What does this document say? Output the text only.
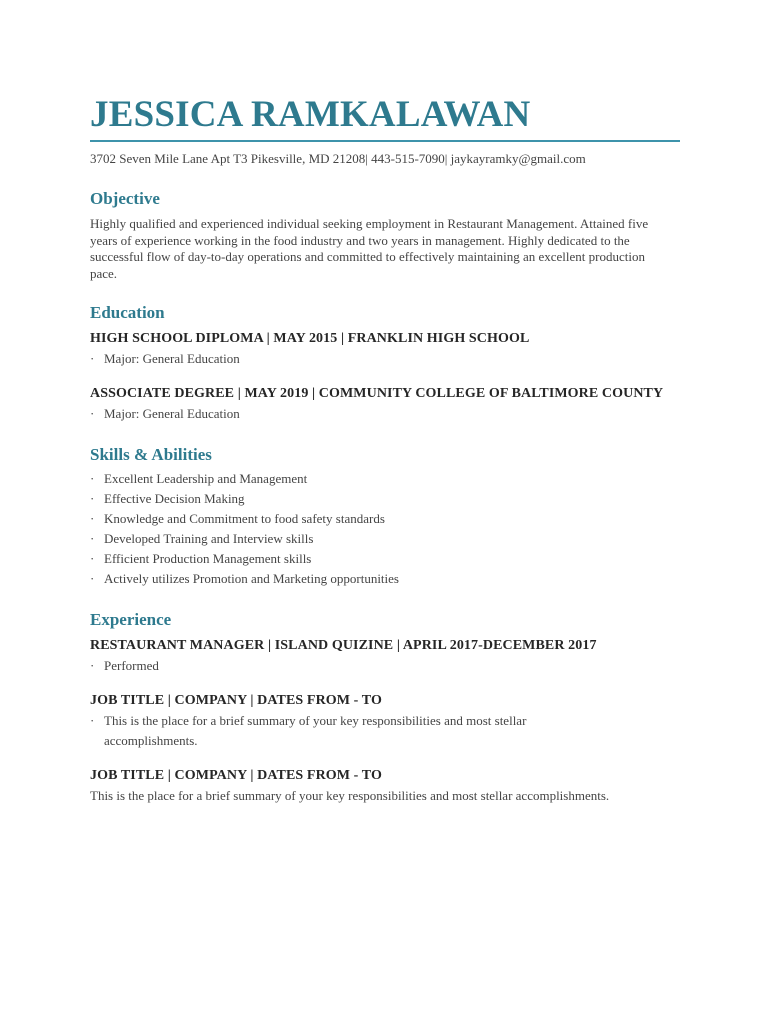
JESSICA RAMKALAWAN
3702 Seven Mile Lane Apt T3 Pikesville, MD 21208| 443-515-7090| jaykayramky@gmail.com
Objective
Highly qualified and experienced individual seeking employment in Restaurant Management. Attained five years of experience working in the food industry and two years in management. Highly dedicated to the successful flow of day-to-day operations and committed to effectively maintaining an excellent production pace.
Education
HIGH SCHOOL DIPLOMA | MAY 2015 | FRANKLIN HIGH SCHOOL
· Major: General Education
ASSOCIATE DEGREE | MAY 2019 | COMMUNITY COLLEGE OF BALTIMORE COUNTY
· Major: General Education
Skills & Abilities
· Excellent Leadership and Management
· Effective Decision Making
· Knowledge and Commitment to food safety standards
· Developed Training and Interview skills
· Efficient Production Management skills
· Actively utilizes Promotion and Marketing opportunities
Experience
RESTAURANT MANAGER | ISLAND QUIZINE | APRIL 2017-DECEMBER 2017
· Performed
JOB TITLE | COMPANY | DATES FROM - TO
· This is the place for a brief summary of your key responsibilities and most stellar accomplishments.
JOB TITLE | COMPANY | DATES FROM - TO
This is the place for a brief summary of your key responsibilities and most stellar accomplishments.
